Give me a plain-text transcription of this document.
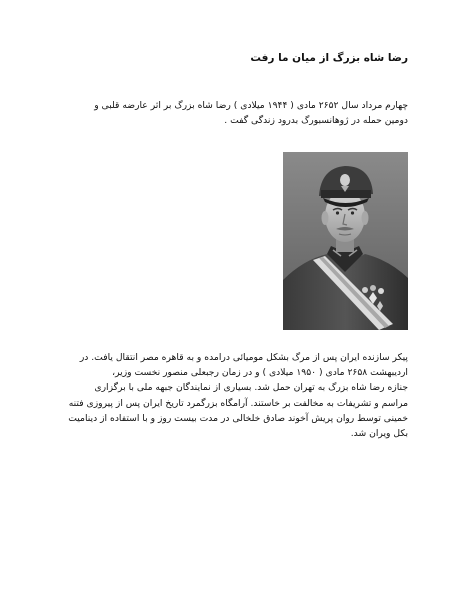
رضا شاه بزرگ از میان ما رفت
چهارم مرداد سال ۲۶۵۲ مادی ( ۱۹۴۴ میلادی ) رضا شاه بزرگ بر اثر عارضه قلبی و
دومین حمله در ژوهانسبورگ بدرود زندگی گفت .
پیکر سازنده ایران پس از مرگ بشکل مومیائی درامده و به قاهره مصر انتقال یافت. در
اردیبهشت ۲۶۵۸ مادی ( ۱۹۵۰ میلادی ) و در زمان رجبعلی منصور نخست وزیر،
جنازه رضا شاه بزرگ به تهران حمل شد. بسیاری از نمایندگان جبهه ملی با برگزاری
مراسم و تشریفات به مخالفت بر خاستند. آرامگاه بزرگمرد تاریخ ایران پس از پیروزی فتنه
خمینی توسط روان پریش آخوند صادق خلخالی در مدت بیست روز و با استفاده از دینامیت
بکل ویران شد.
